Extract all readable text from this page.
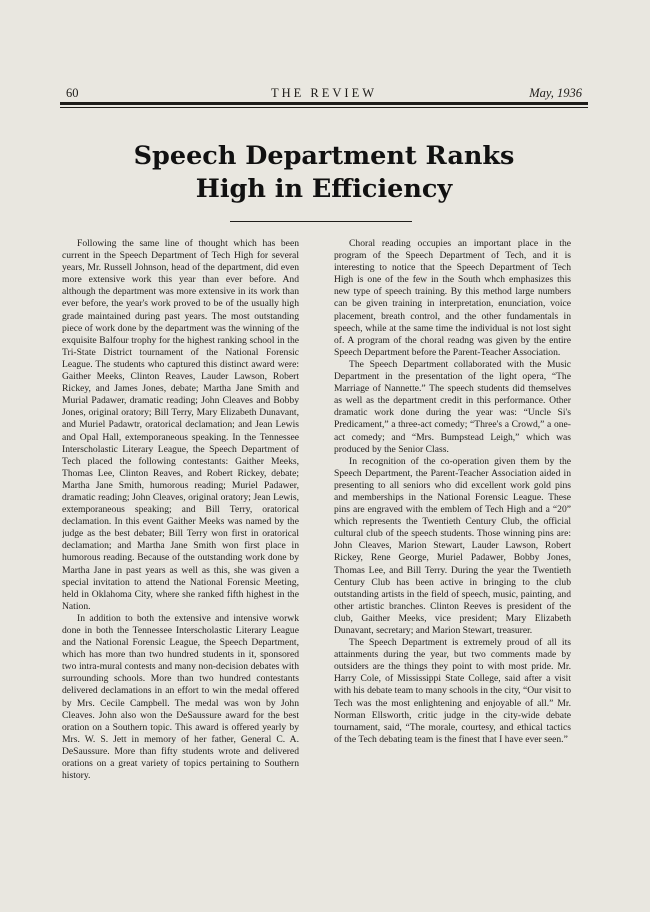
60	THE REVIEW	May, 1936
Speech Department Ranks
High in Efficiency

Following the same line of thought which has been current in the Speech Department of Tech High for several years, Mr. Russell Johnson, head of the department, did even more extensive work this year than ever before. And although the department was more extensive in its work than ever before, the year's work proved to be of the usually high grade maintained during past years. The most outstanding piece of work done by the department was the winning of the exquisite Balfour trophy for the highest ranking school in the Tri-State District tournament of the National Forensic League. The students who captured this distinct award were: Gaither Meeks, Clinton Reaves, Lauder Lawson, Robert Rickey, and James Jones, debate; Martha Jane Smith and Murial Padawer, dramatic reading; John Cleaves and Bobby Jones, original oratory; Bill Terry, Mary Elizabeth Dunavant, and Muriel Padawtr, oratorical declamation; and Jean Lewis and Opal Hall, extemporaneous speaking. In the Tennessee Interscholastic Literary League, the Speech Department of Tech placed the following contestants: Gaither Meeks, Thomas Lee, Clinton Reaves, and Robert Rickey, debate; Martha Jane Smith, humorous reading; Muriel Padawer, dramatic reading; John Cleaves, original oratory; Jean Lewis, extemporaneous speaking; and Bill Terry, oratorical declamation. In this event Gaither Meeks was named by the judge as the best debater; Bill Terry won first in oratorical declamation; and Martha Jane Smith won first place in humorous reading. Because of the outstanding work done by Martha Jane in past years as well as this, she was given a special invitation to attend the National Forensic Meeting, held in Oklahoma City, where she ranked fifth highest in the Nation.

In addition to both the extensive and intensive worwk done in both the Tennessee Interscholastic Literary League and the National Forensic League, the Speech Department, which has more than two hundred students in it, sponsored two intra-mural contests and many non-decision debates with surrounding schools. More than two hundred contestants delivered declamations in an effort to win the medal offered by Mrs. Cecile Campbell. The medal was won by John Cleaves. John also won the DeSaussure award for the best oration on a Southern topic. This award is offered yearly by Mrs. W. S. Jett in memory of her father, General C. A. DeSaussure. More than fifty students wrote and delivered orations on a great variety of topics pertaining to Southern history.

Choral reading occupies an important place in the program of the Speech Department of Tech, and it is interesting to notice that the Speech Department of Tech High is one of the few in the South whch emphasizes this new type of speech training. By this method large numbers can be given training in interpretation, enunciation, voice placement, breath control, and the other fundamentals in speech, while at the same time the individual is not lost sight of. A program of the choral readng was given by the entire Speech Department before the Parent-Teacher Association.

The Speech Department collaborated with the Music Department in the presentation of the light opera, “The Marriage of Nannette.” The speech students did themselves as well as the department credit in this performance. Other dramatic work done during the year was: “Uncle Si's Predicament,” a three-act comedy; “Three's a Crowd,” a one-act comedy; and “Mrs. Bumpstead Leigh,” which was produced by the Senior Class.

In recognition of the co-operation given them by the Speech Department, the Parent-Teacher Association aided in presenting to all seniors who did excellent work gold pins and memberships in the National Forensic League. These pins are engraved with the emblem of Tech High and a “20” which represents the Twentieth Century Club, the official cultural club of the speech students. Those winning pins are: John Cleaves, Marion Stewart, Lauder Lawson, Robert Rickey, Rene George, Muriel Padawer, Bobby Jones, Thomas Lee, and Bill Terry. During the year the Twentieth Century Club has been active in bringing to the club outstanding artists in the field of speech, music, painting, and other artistic branches. Clinton Reeves is president of the club, Gaither Meeks, vice president; Mary Elizabeth Dunavant, secretary; and Marion Stewart, treasurer.

The Speech Department is extremely proud of all its attainments during the year, but two comments made by outsiders are the things they point to with most pride. Mr. Harry Cole, of Mississippi State College, said after a visit with his debate team to many schools in the city, “Our visit to Tech was the most enlightening and enjoyable of all.” Mr. Norman Ellsworth, critic judge in the city-wide debate tournament, said, “The morale, courtesy, and ethical tactics of the Tech debating team is the finest that I have ever seen.”
